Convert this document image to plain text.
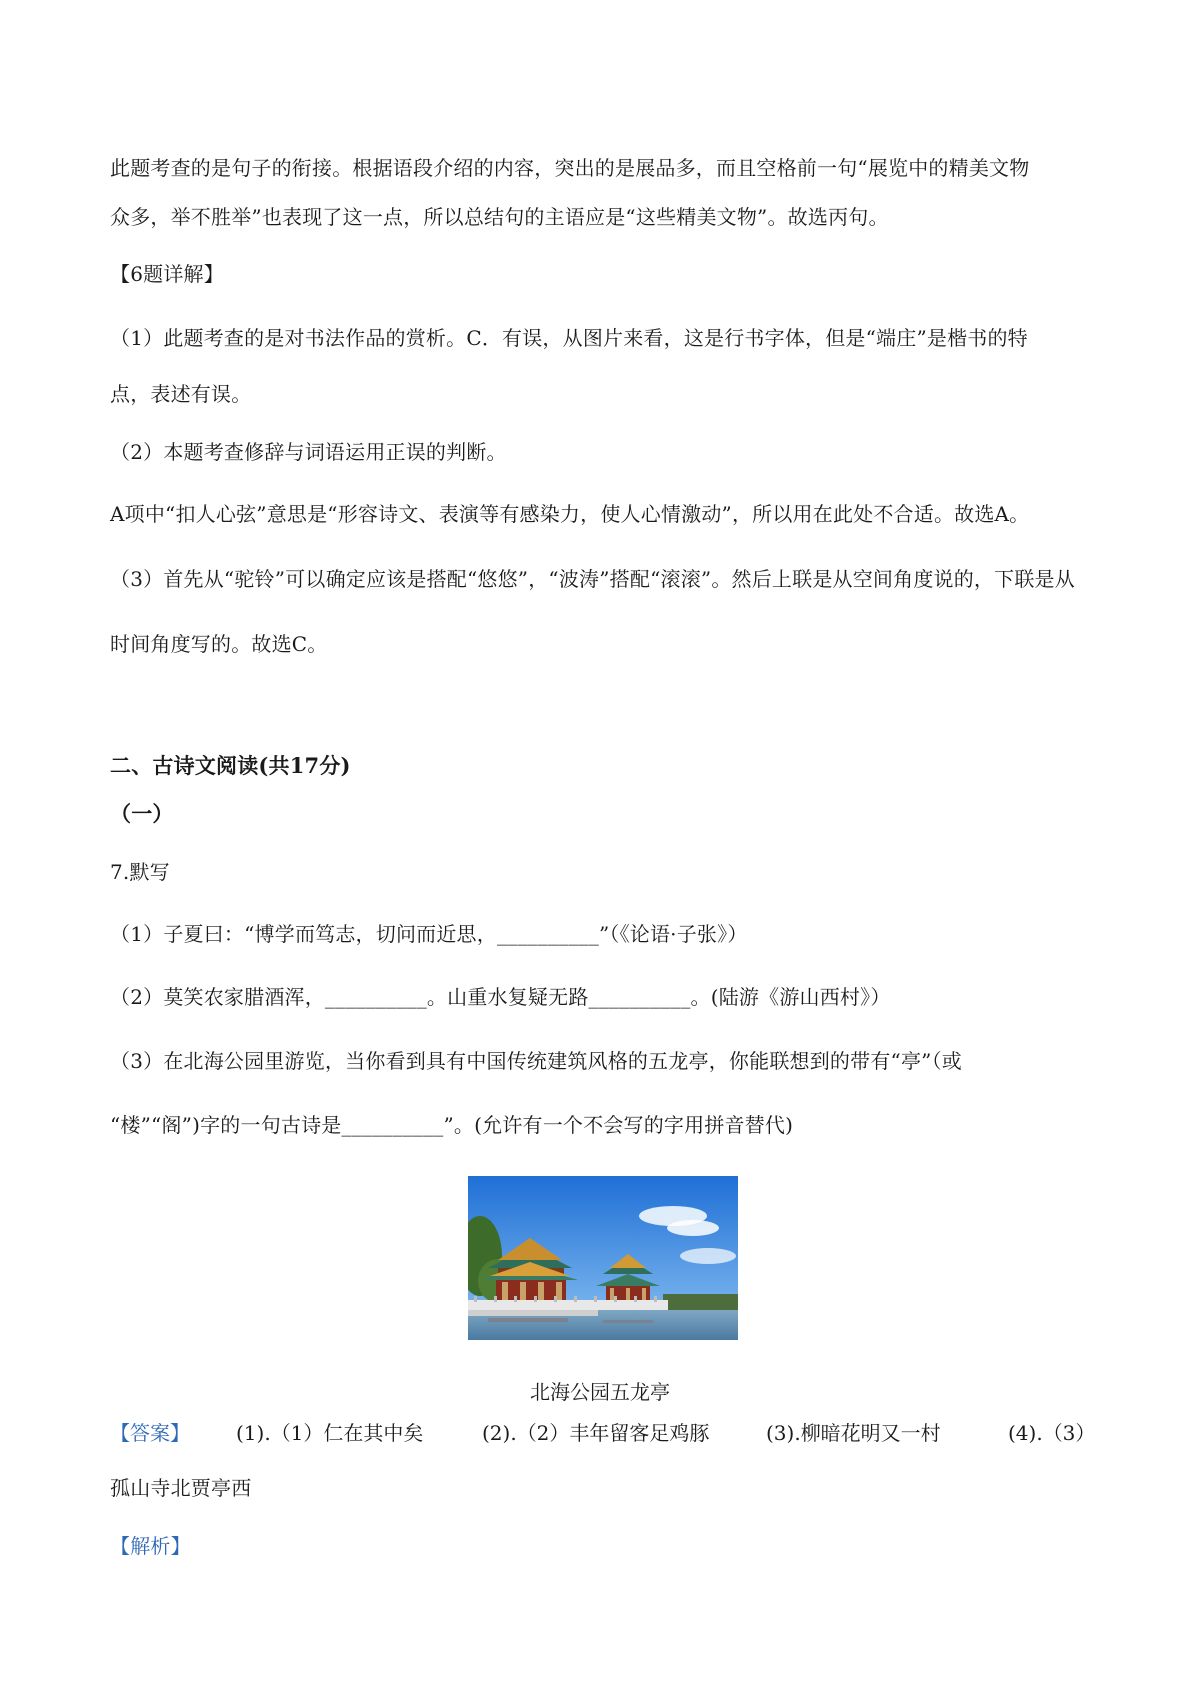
此题考查的是句子的衔接。根据语段介绍的内容，突出的是展品多，而且空格前一句“展览中的精美文物
众多，举不胜举”也表现了这一点，所以总结句的主语应是“这些精美文物”。故选丙句。
【6题详解】
（1）此题考查的是对书法作品的赏析。C．有误，从图片来看，这是行书字体，但是“端庄”是楷书的特
点，表述有误。
（2）本题考查修辞与词语运用正误的判断。
A项中“扣人心弦”意思是“形容诗文、表演等有感染力，使人心情激动”，所以用在此处不合适。故选A。
（3）首先从“驼铃”可以确定应该是搭配“悠悠”，“波涛”搭配“滚滚”。然后上联是从空间角度说的，下联是从
时间角度写的。故选C。
二、古诗文阅读(共17分)
（一）
7.默写
（1）子夏曰：“博学而笃志，切问而近思，__________”（《论语·子张》）
（2）莫笑农家腊酒浑，__________。山重水复疑无路__________。(陆游《游山西村》）
（3）在北海公园里游览，当你看到具有中国传统建筑风格的五龙亭，你能联想到的带有“亭”（或
“楼”“阁”)字的一句古诗是__________”。(允许有一个不会写的字用拼音替代)
北海公园五龙亭
【答案】 (1).（1）仁在其中矣	(2).（2）丰年留客足鸡豚	(3).柳暗花明又一村	(4).（3）
孤山寺北贾亭西
【解析】
